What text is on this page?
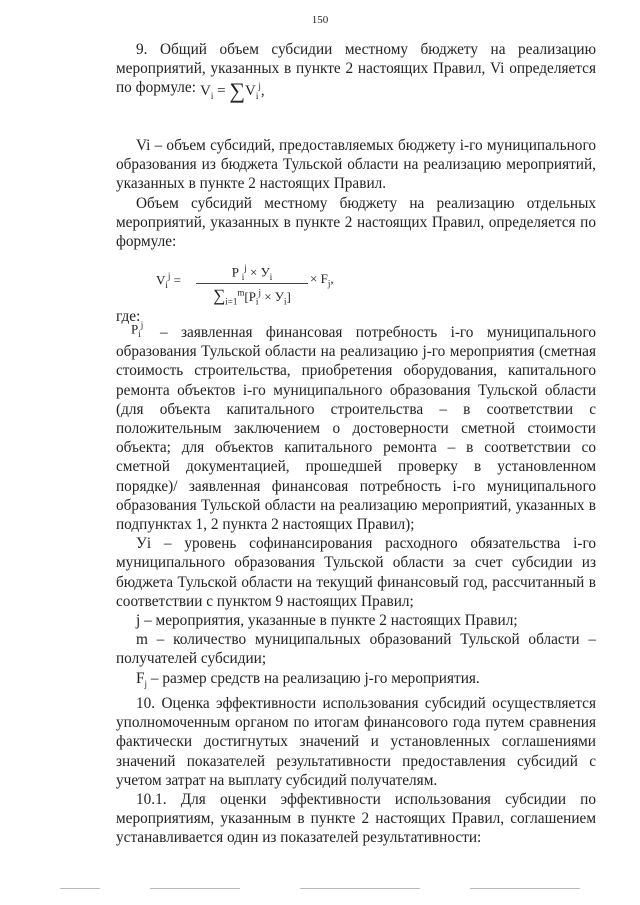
150

9. Общий объем субсидии местному бюджету на реализацию мероприятий, указанных в пункте 2 настоящих Правил, Vi определяется по формуле: $V_i = \sum V_i^j$,

Vi – объем субсидий, предоставляемых бюджету i-го муниципального образования из бюджета Тульской области на реализацию мероприятий, указанных в пункте 2 настоящих Правил.

Объем субсидий местному бюджету на реализацию отдельных мероприятий, указанных в пункте 2 настоящих Правил, определяется по формуле:

$V_i^j$ =
P $_i^j \times У_i$
$\sum_{i=1}^m[P_i^j \times У_i]$
× $F_j$,
где:
$P_i^j$	– заявленная финансовая потребность i-го муниципального образования Тульской области на реализацию j-го мероприятия (сметная стоимость строительства, приобретения оборудования, капитального ремонта объектов i-го муниципального образования Тульской области (для объекта капитального строительства – в соответствии с положительным заключением о достоверности сметной стоимости объекта; для объектов капитального ремонта – в соответствии со сметной документацией, прошедшей проверку в установленном порядке)/ заявленная финансовая потребность i-го муниципального образования Тульской области на реализацию мероприятий, указанных в подпунктах 1, 2 пункта 2 настоящих Правил);

Уi – уровень софинансирования расходного обязательства i-го муниципального образования Тульской области за счет субсидии из бюджета Тульской области на текущий финансовый год, рассчитанный в соответствии с пунктом 9 настоящих Правил;

j – мероприятия, указанные в пункте 2 настоящих Правил;

m – количество муниципальных образований Тульской области – получателей субсидии;

$F_j$ – размер средств на реализацию j-го мероприятия.

10. Оценка эффективности использования субсидий осуществляется уполномоченным органом по итогам финансового года путем сравнения фактически достигнутых значений и установленных соглашениями значений показателей результативности предоставления субсидий с учетом затрат на выплату субсидий получателям.

10.1. Для оценки эффективности использования субсидии по мероприятиям, указанным в пункте 2 настоящих Правил, соглашением устанавливается один из показателей результативности:
